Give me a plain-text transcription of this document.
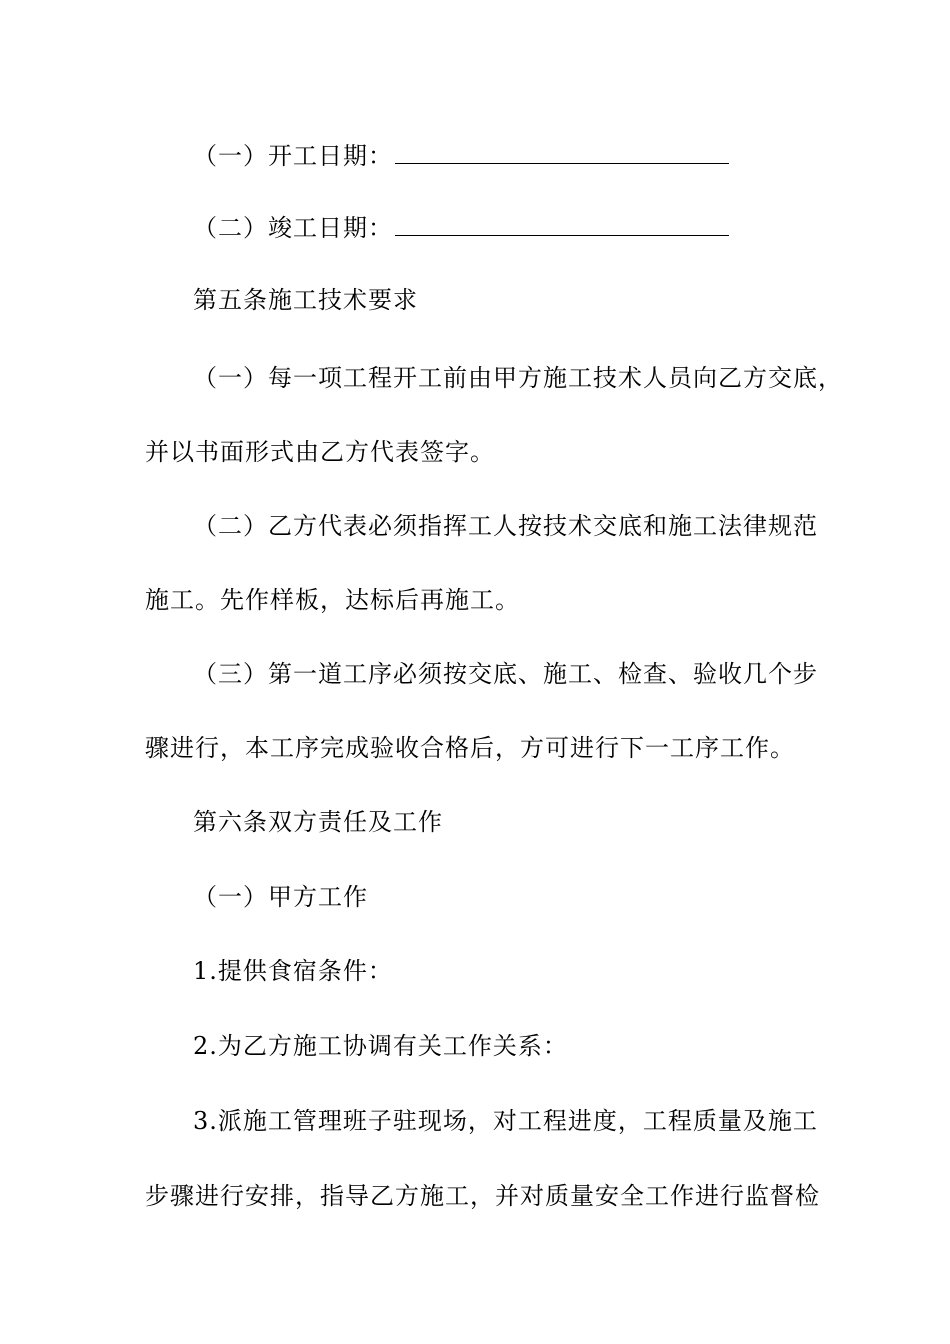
（一）开工日期：
（二）竣工日期：
第五条施工技术要求
（一）每一项工程开工前由甲方施工技术人员向乙方交底，
并以书面形式由乙方代表签字。
（二）乙方代表必须指挥工人按技术交底和施工法律规范
施工。先作样板，达标后再施工。
（三）第一道工序必须按交底、施工、检查、验收几个步
骤进行，本工序完成验收合格后，方可进行下一工序工作。
第六条双方责任及工作
（一）甲方工作
1.提供食宿条件：
2.为乙方施工协调有关工作关系：
3.派施工管理班子驻现场，对工程进度，工程质量及施工
步骤进行安排，指导乙方施工，并对质量安全工作进行监督检
